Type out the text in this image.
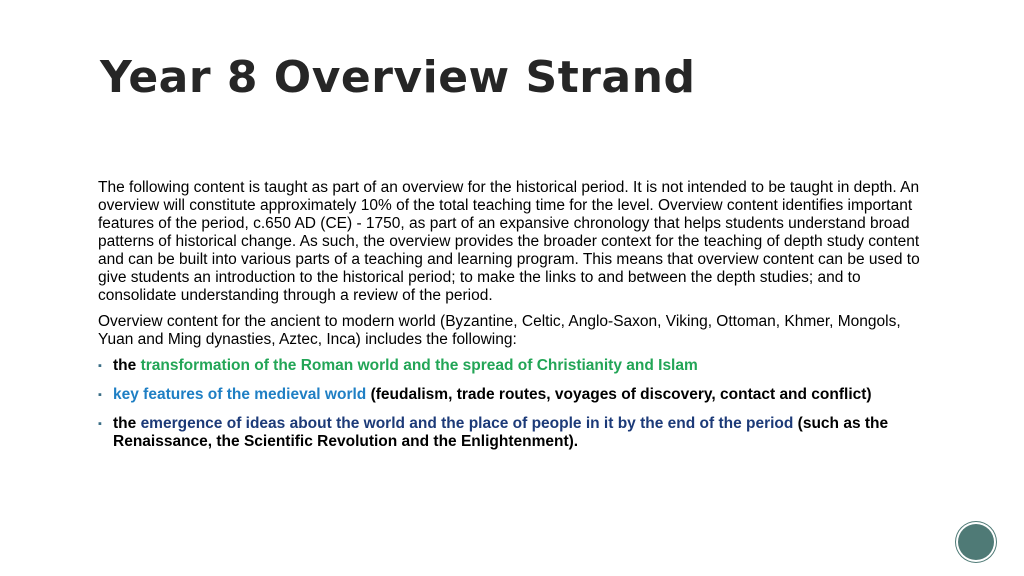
Year 8 Overview Strand

The following content is taught as part of an overview for the historical period. It is not intended to be taught in depth. An overview will constitute approximately 10% of the total teaching time for the level. Overview content identifies important features of the period, c.650 AD (CE) - 1750, as part of an expansive chronology that helps students understand broad patterns of historical change. As such, the overview provides the broader context for the teaching of depth study content and can be built into various parts of a teaching and learning program. This means that overview content can be used to give students an introduction to the historical period; to make the links to and between the depth studies; and to consolidate understanding through a review of the period.

Overview content for the ancient to modern world (Byzantine, Celtic, Anglo-Saxon, Viking, Ottoman, Khmer, Mongols, Yuan and Ming dynasties, Aztec, Inca) includes the following:

▪ the transformation of the Roman world and the spread of Christianity and Islam
▪ key features of the medieval world (feudalism, trade routes, voyages of discovery, contact and conflict)
▪ the emergence of ideas about the world and the place of people in it by the end of the period (such as the Renaissance, the Scientific Revolution and the Enlightenment).
